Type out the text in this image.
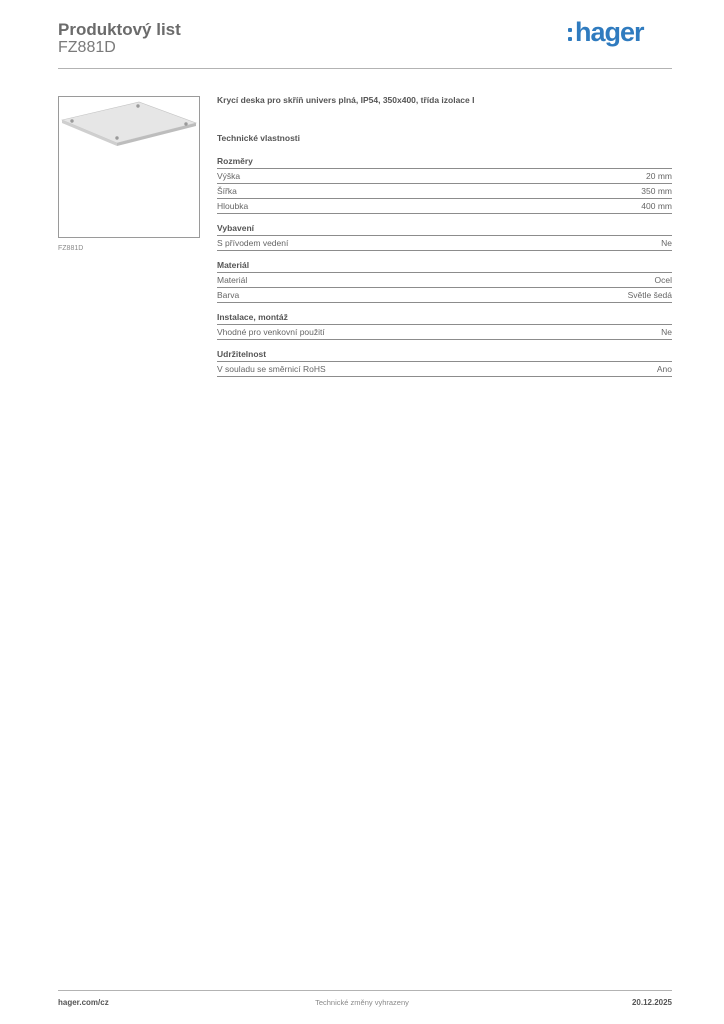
Produktový list
FZ881D
hager
FZ881D

Krycí deska pro skříň univers plná, IP54, 350x400, třída izolace I

Technické vlastnosti

Rozměry
Výška	20 mm
Šířka	350 mm
Hloubka	400 mm
Vybavení
S přívodem vedení	Ne
Materiál
Materiál	Ocel
Barva	Světle šedá
Instalace, montáž
Vhodné pro venkovní použití	Ne
Udržitelnost
V souladu se směrnicí RoHS	Ano
hager.com/cz	Technické změny vyhrazeny	20.12.2025
